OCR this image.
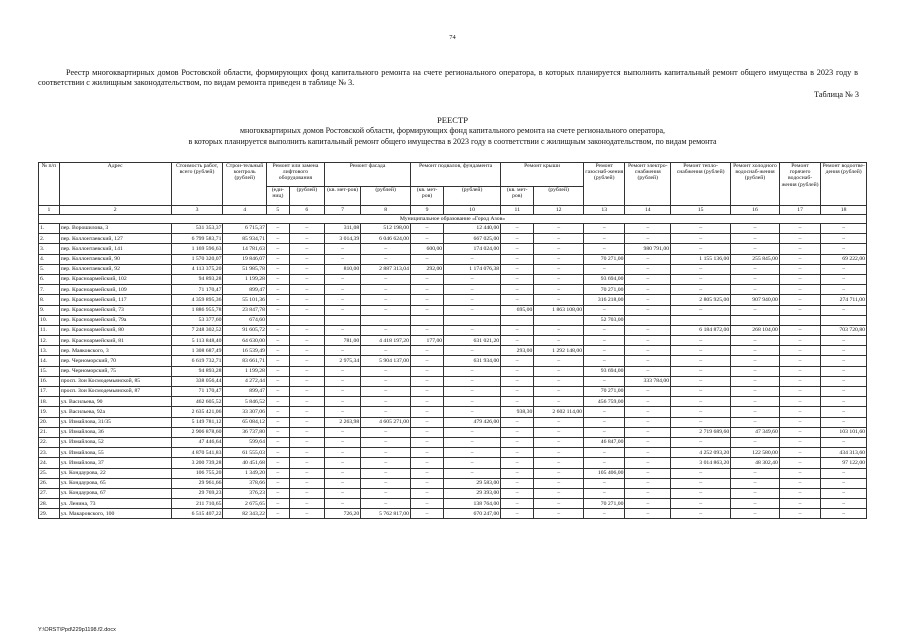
74
Реестр многоквартирных домов Ростовской области, формирующих фонд капитального ремонта на счете регионального оператора, в которых планируется выполнить капитальный ремонт общего имущества в 2023 году в соответствии с жилищным законодательством, по видам ремонта приведен в таблице № 3.
Таблица № 3
РЕЕСТР
многоквартирных домов Ростовской области, формирующих фонд капитального ремонта на счете регионального оператора,
в которых планируется выполнить капитальный ремонт общего имущества в 2023 году в соответствии с жилищным законодательством, по видам ремонта
№ п/п	Адрес	Стоимость работ, всего (рублей)	Строи-тельный контроль (рублей)	Ремонт или замена лифтового оборудования		Ремонт фасада		Ремонт подвалов, фундамента		Ремонт крыши		Ремонт газоснаб-жения (рублей)	Ремонт электро-снабжения (рублей)	Ремонт тепло-снабжения (рублей)	Ремонт холодного водоснаб-жения (рублей)	Ремонт горячего водоснаб-жения (рублей)	Ремонт водоотве-дения (рублей)
				(еди-ниц)	(рублей)	(кв. мет-ров)	(рублей)	(кв. мет-ров)	(рублей)	(кв. мет-ров)	(рублей)						
1	2	3	4	5	6	7	8	9	10	11	12	13	14	15	16	17	18
Муниципальное образование «Город Азов»																	
1.	пер. Ворошилова, 3	531 353,37	6 715,37	–	–	311,08	512 198,00	–	12 440,00	–	–	–	–	–	–	–	–
2.	пер. Коллонтаевский, 127	6 799 583,71	85 934,71	–	–	3 014,39	6 046 624,00	–	667 025,00	–	–	–	–	–	–	–	–
3.	пер. Коллонтаевский, 141	1 169 596,63	14 781,63	–	–	–	–	600,00	174 024,00	–	–	–	980 791,00	–	–	–	–
4.	пер. Коллонтаевский, 90	1 570 320,07	19 846,07	–	–	–	–	–	–	–	–	70 271,00	–	1 155 136,00	255 845,00	–	69 222,00
5.	пер. Коллонтаевский, 92	4 113 375,20	51 985,78	–	–	810,00	2 887 313,04	292,00	1 174 076,38	–	–	–	–	–	–	–	–
6.	пер. Красноармейский, 102	94 893,28	1 199,28	–	–	–	–	–	–	–	–	93 694,00	–	–	–	–	–
7.	пер. Красноармейский, 109	71 170,47	899,47	–	–	–	–	–	–	–	–	70 271,00	–	–	–	–	–
8.	пер. Красноармейский, 117	4 359 895,36	55 101,36	–	–	–	–	–	–	–	–	316 218,00	–	2 805 925,00	907 940,00	–	274 711,00
9.	пер. Красноармейский, 73	1 886 955,78	23 847,78	–	–	–	–	–	–	695,00	1 863 108,00	–	–	–	–	–	–
10.	пер. Красноармейский, 79а	53 377,60	674,60									52 703,00					
11.	пер. Красноармейский, 80	7 248 302,52	91 605,72	–	–	–	–	–	–	–	–	–	–	6 184 872,00	268 104,00	–	703 720,80
12.	пер. Красноармейский, 81	5 113 848,40	64 630,00	–	–	781,00	4 418 197,20	177,00	631 021,20	–	–	–	–	–	–	–	–
13.	пер. Маяковского, 3	1 308 687,49	16 539,49	–	–	–	–	–	–	293,00	1 292 148,00	–	–	–	–	–	–
14.	пер. Черноморский, 70	6 619 732,71	83 661,71	–	–	2 975,34	5 904 137,00	–	631 934,00	–	–	–	–	–	–	–	–
15.	пер. Черноморский, 75	94 893,28	1 199,28	–	–	–	–	–	–	–	–	93 694,00	–	–	–	–	–
16.	просп. Зои Космодемьянской, 85	338 056,44	4 272,44	–	–	–	–	–	–	–	–	–	333 784,00	–	–	–	–
17.	просп. Зои Космодемьянской, 87	71 170,47	899,47	–	–	–	–	–	–	–	–	70 271,00	–	–	–	–	–
18.	ул. Васильева, 90	462 605,52	5 846,52	–	–	–	–	–	–	–	–	456 759,00	–	–	–	–	–
19.	ул. Васильева, 92а	2 635 421,06	33 307,06	–	–	–	–	–	–	938,30	2 602 114,00	–	–	–	–	–	–
20.	ул. Измайлова, 31/35	5 149 781,12	65 084,12	–	–	2 263,98	4 605 271,00	–	479 426,00	–	–	–	–	–	–	–	–
21.	ул. Измайлова, 36	2 906 878,60	36 737,80	–	–	–	–	–	–	–	–	–	–	2 719 689,60	47 349,60	–	103 101,60
22.	ул. Измайлова, 52	47 446,64	599,64	–	–	–	–	–	–	–	–	46 847,00	–	–	–	–	–
23.	ул. Измайлова, 55	4 870 541,83	61 555,03	–	–	–	–	–	–	–	–	–	–	4 252 093,20	122 580,00	–	434 313,60
24.	ул. Измайлова, 37	3 200 739,28	40 451,68	–	–	–	–	–	–	–	–	–	–	3 014 863,20	48 302,40	–	97 122,00
25.	ул. Кондаурова, 22	106 755,20	1 349,20	–	–	–	–	–	–	–	–	105 406,00	–	–	–	–	–
26.	ул. Кондаурова, 65	29 961,66	378,66	–	–	–	–	–	29 583,00	–	–	–	–	–	–	–	–
27.	ул. Кондаурова, 67	29 769,23	376,23	–	–	–	–	–	29 393,00	–	–	–	–	–	–	–	–
28.	ул. Ленина, 73	211 710,65	2 675,65	–	–	–	–	–	138 764,00	–	–	70 271,00	–	–	–	–	–
29.	ул. Макаровского, 100	6 515 407,22	82 343,22	–	–	726,20	5 762 817,00	–	670 247,00	–	–	–	–	–	–	–	–
Y:\ORST\Ppd\229p1198.f2.docx
